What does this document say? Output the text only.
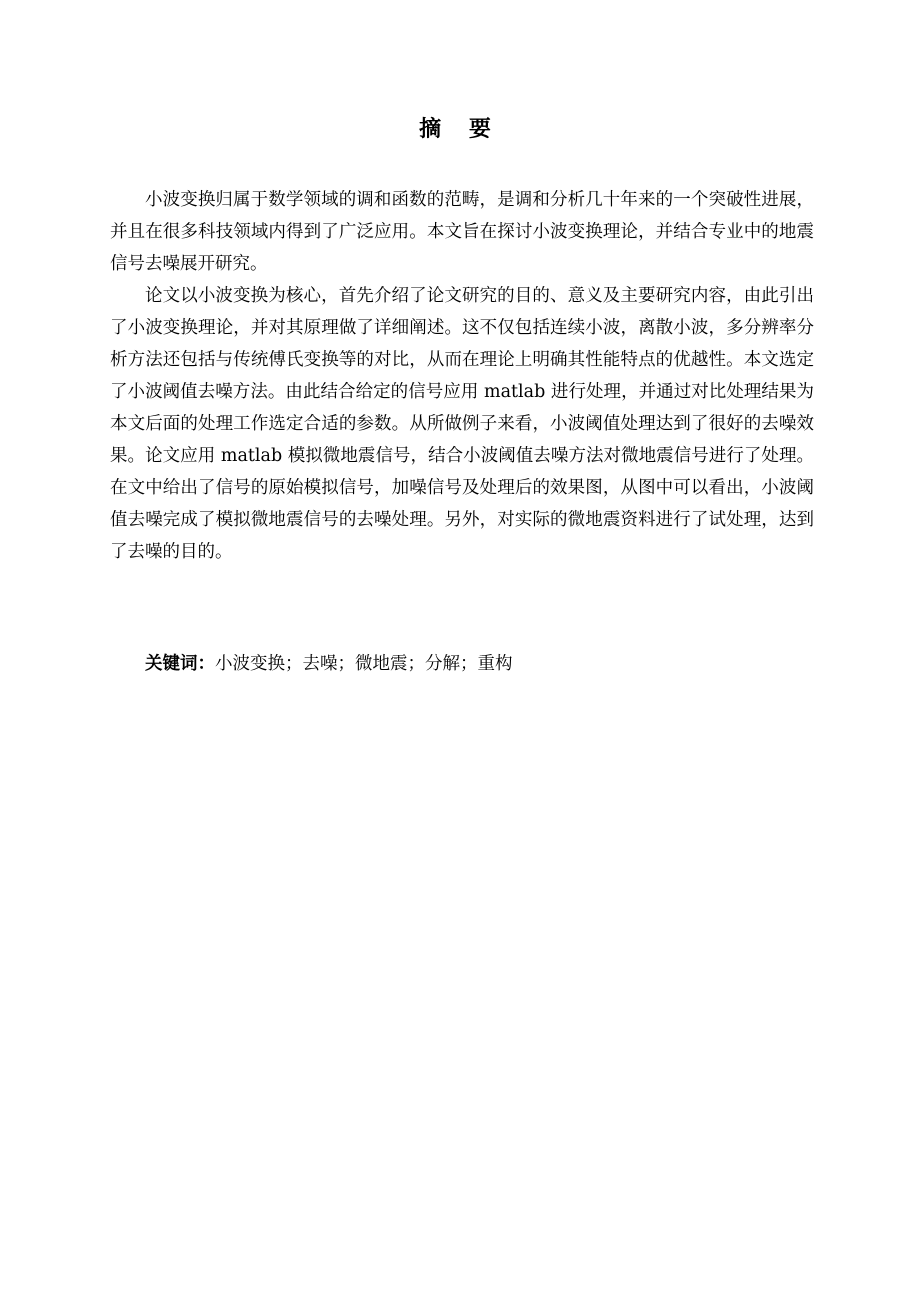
摘 要

小波变换归属于数学领域的调和函数的范畴，是调和分析几十年来的一个突破性进展，并且在很多科技领域内得到了广泛应用。本文旨在探讨小波变换理论，并结合专业中的地震信号去噪展开研究。

论文以小波变换为核心，首先介绍了论文研究的目的、意义及主要研究内容，由此引出了小波变换理论，并对其原理做了详细阐述。这不仅包括连续小波，离散小波，多分辨率分析方法还包括与传统傅氏变换等的对比，从而在理论上明确其性能特点的优越性。本文选定了小波阈值去噪方法。由此结合给定的信号应用 matlab 进行处理，并通过对比处理结果为本文后面的处理工作选定合适的参数。从所做例子来看，小波阈值处理达到了很好的去噪效果。论文应用 matlab 模拟微地震信号，结合小波阈值去噪方法对微地震信号进行了处理。在文中给出了信号的原始模拟信号，加噪信号及处理后的效果图，从图中可以看出，小波阈值去噪完成了模拟微地震信号的去噪处理。另外，对实际的微地震资料进行了试处理，达到了去噪的目的。

关键词：小波变换；去噪；微地震；分解；重构
